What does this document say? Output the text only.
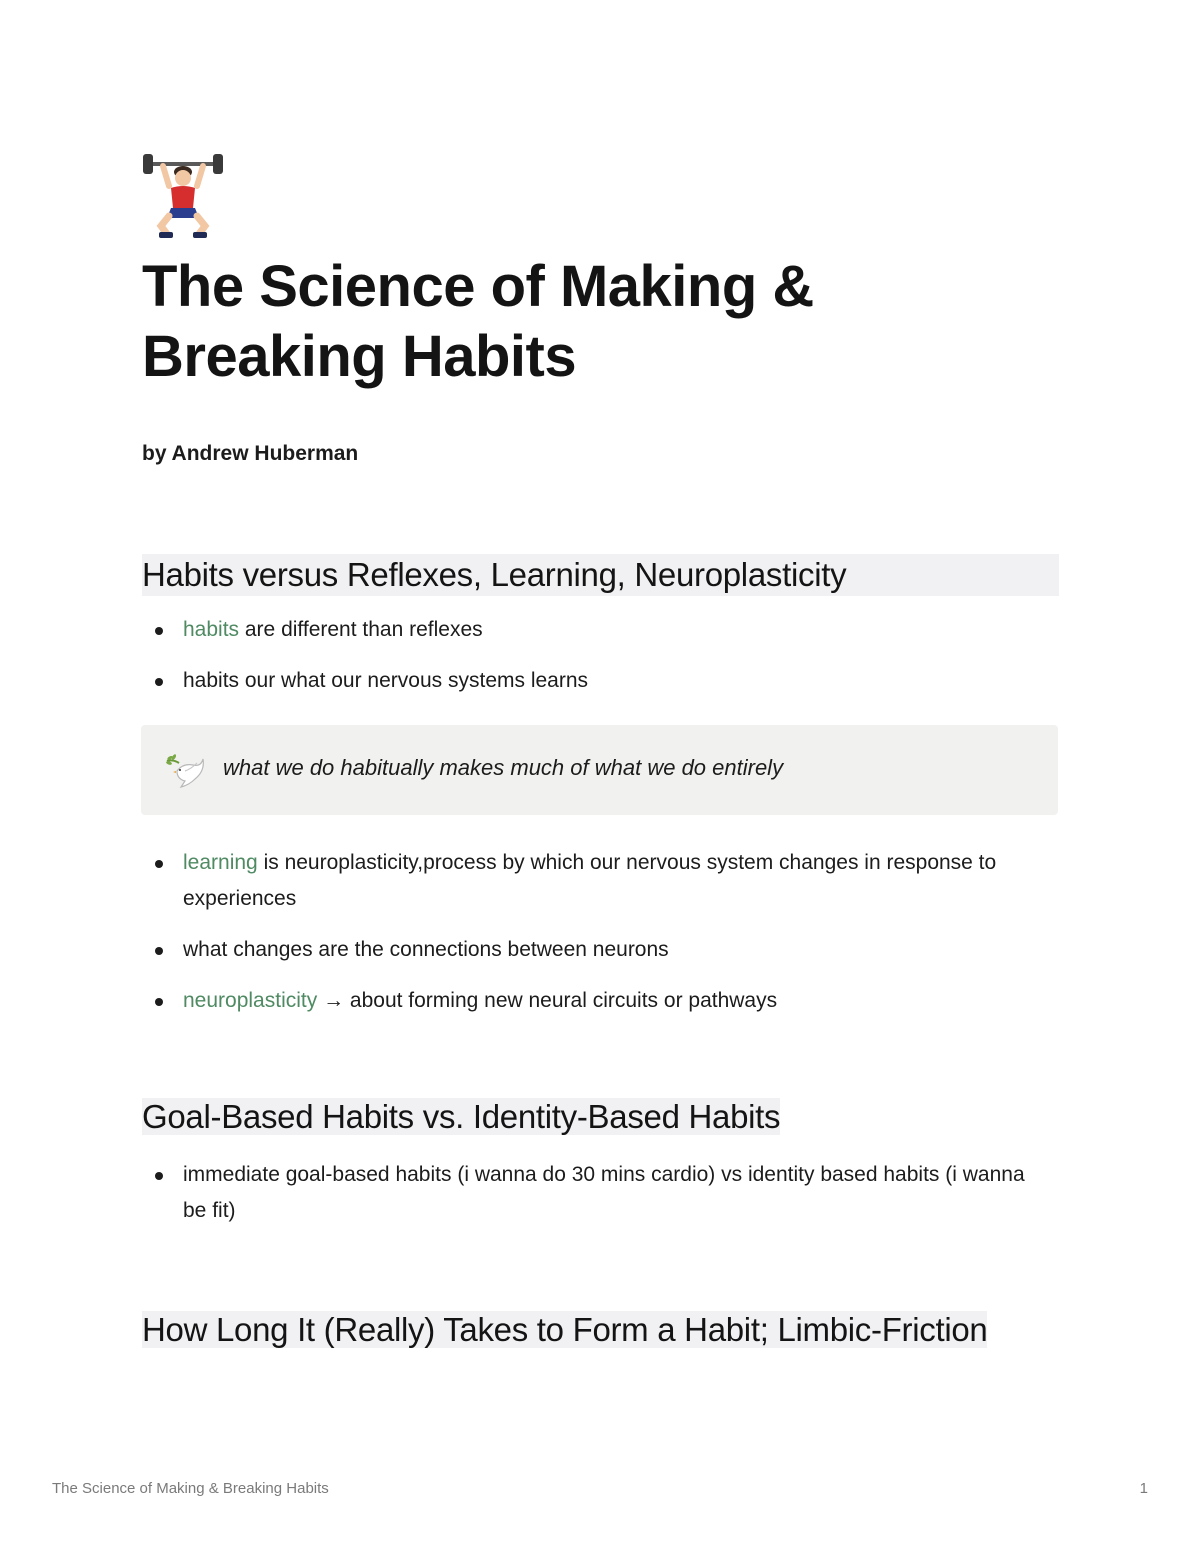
The Science of Making & Breaking Habits

by Andrew Huberman

Habits versus Reflexes, Learning, Neuroplasticity
habits are different than reflexes
habits our what our nervous systems learns
what we do habitually makes much of what we do entirely
learning is neuroplasticity,process by which our nervous system changes in response to experiences
what changes are the connections between neurons
neuroplasticity → about forming new neural circuits or pathways
Goal-Based Habits vs. Identity-Based Habits
immediate goal-based habits (i wanna do 30 mins cardio) vs identity based habits (i wanna be fit)
How Long It (Really) Takes to Form a Habit; Limbic-Friction
The Science of Making & Breaking Habits	1
